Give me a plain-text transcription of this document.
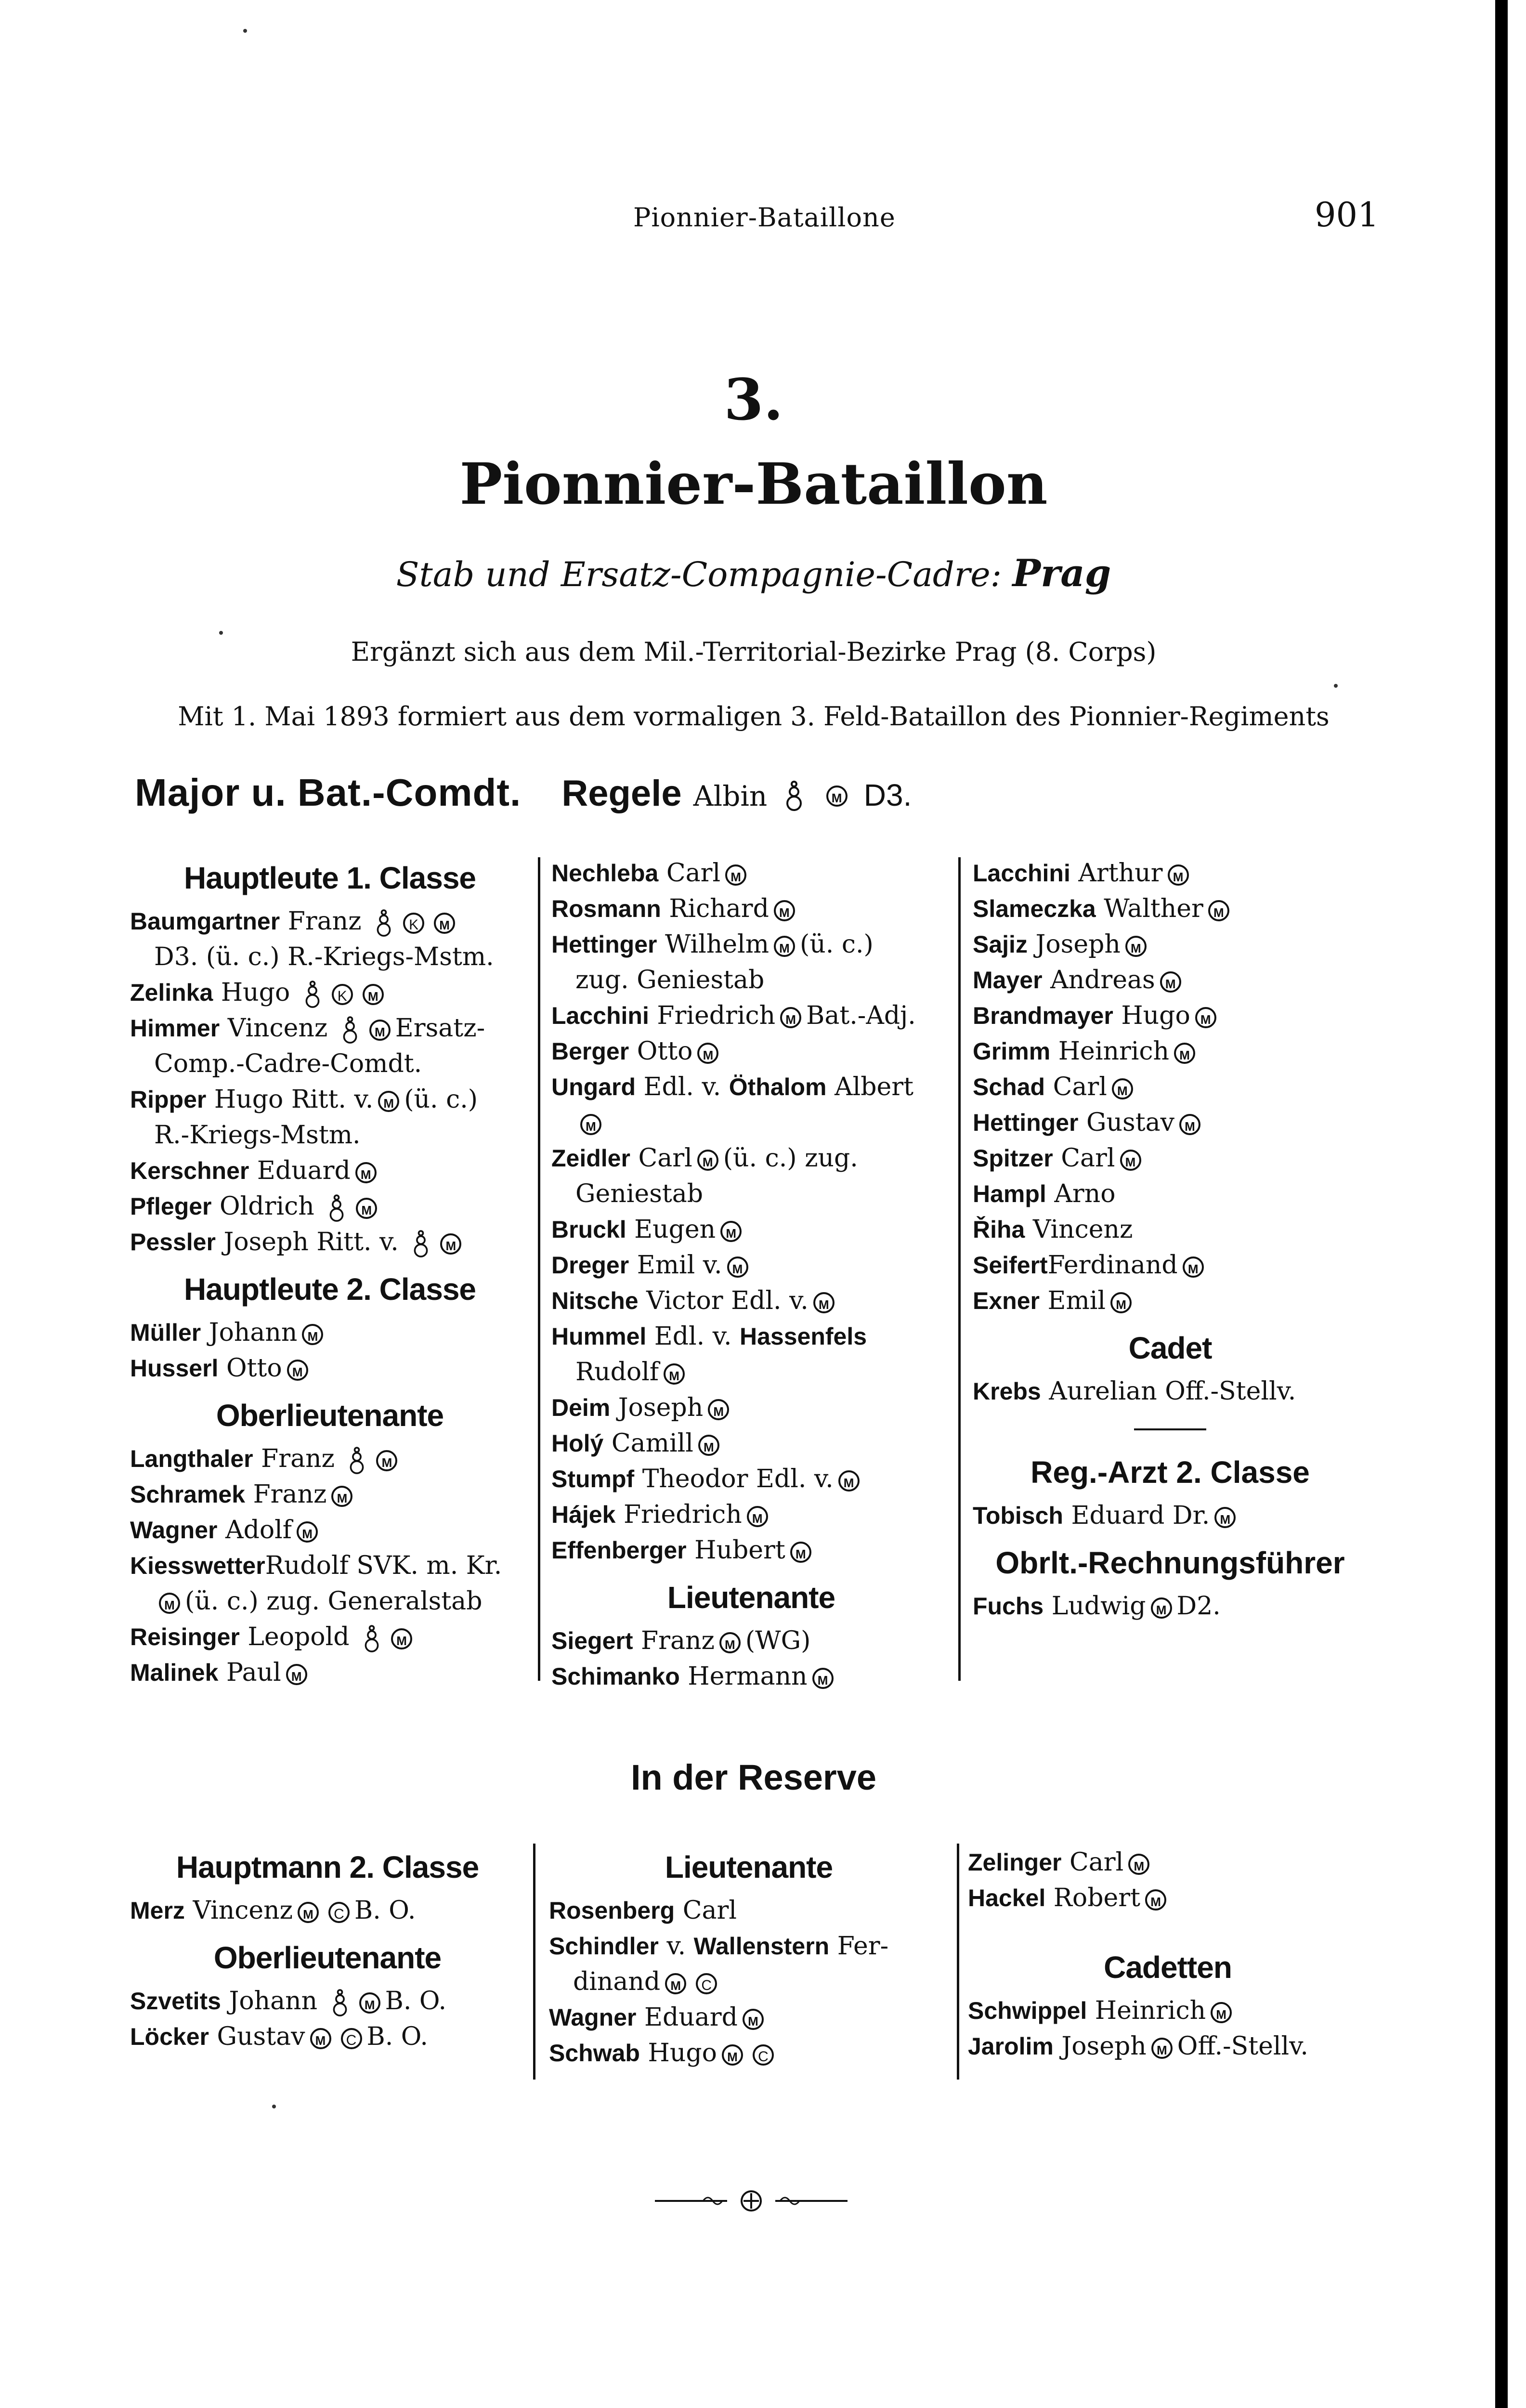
Pionnier-Bataillone	901
3.
Pionnier-Bataillon
Stab und Ersatz-Compagnie-Cadre: Prag
Ergänzt sich aus dem Mil.-Territorial-Bezirke Prag (8. Corps)
Mit 1. Mai 1893 formiert aus dem vormaligen 3. Feld-Bataillon des Pionnier-Regiments
Major u. Bat.-Comdt. Regele Albin	M D3.
Hauptleute 1. Classe
Baumgartner Franz	K M
D3. (ü. c.) R.-Kriegs-Mstm.
Zelinka Hugo	K M
Himmer Vincenz	M Ersatz-
Comp.-Cadre-Comdt.
Ripper Hugo Ritt. v. M (ü. c.)
R.-Kriegs-Mstm.
Kerschner Eduard M
Pfleger Oldrich	M
Pessler Joseph Ritt. v.	M
Hauptleute 2. Classe
Müller Johann M
Husserl Otto M
Oberlieutenante
Langthaler Franz	M
Schramek Franz M
Wagner Adolf M
KiesswetterRudolf SVK. m. Kr.
M (ü. c.) zug. Generalstab
Reisinger Leopold	M
Malinek Paul M
Nechleba Carl M
Rosmann Richard M
Hettinger Wilhelm M (ü. c.)
zug. Geniestab
Lacchini Friedrich M Bat.-Adj.
Berger Otto M
Ungard Edl. v. Öthalom Albert
M
Zeidler Carl M (ü. c.) zug.
Geniestab
Bruckl Eugen M
Dreger Emil v. M
Nitsche Victor Edl. v. M
Hummel Edl. v. Hassenfels
Rudolf M
Deim Joseph M
Holý Camill M
Stumpf Theodor Edl. v. M
Hájek Friedrich M
Effenberger Hubert M
Lieutenante
Siegert Franz M (WG)
Schimanko Hermann M
Lacchini Arthur M
Slameczka Walther M
Sajiz Joseph M
Mayer Andreas M
Brandmayer Hugo M
Grimm Heinrich M
Schad Carl M
Hettinger Gustav M
Spitzer Carl M
Hampl Arno
Řiha Vincenz
SeifertFerdinand M
Exner Emil M
Cadet
Krebs Aurelian Off.-Stellv.
Reg.-Arzt 2. Classe
Tobisch Eduard Dr. M
Obrlt.-Rechnungsführer
Fuchs Ludwig M D2.
In der Reserve
Hauptmann 2. Classe
Merz Vincenz M C B. O.
Oberlieutenante
Szvetits Johann	M B. O.
Löcker Gustav M C B. O.
Lieutenante
Rosenberg Carl
Schindler v. Wallenstern Fer-
dinand M C
Wagner Eduard M
Schwab Hugo M C
Zelinger Carl M
Hackel Robert M
Cadetten
Schwippel Heinrich M
Jarolim Joseph M Off.-Stellv.
